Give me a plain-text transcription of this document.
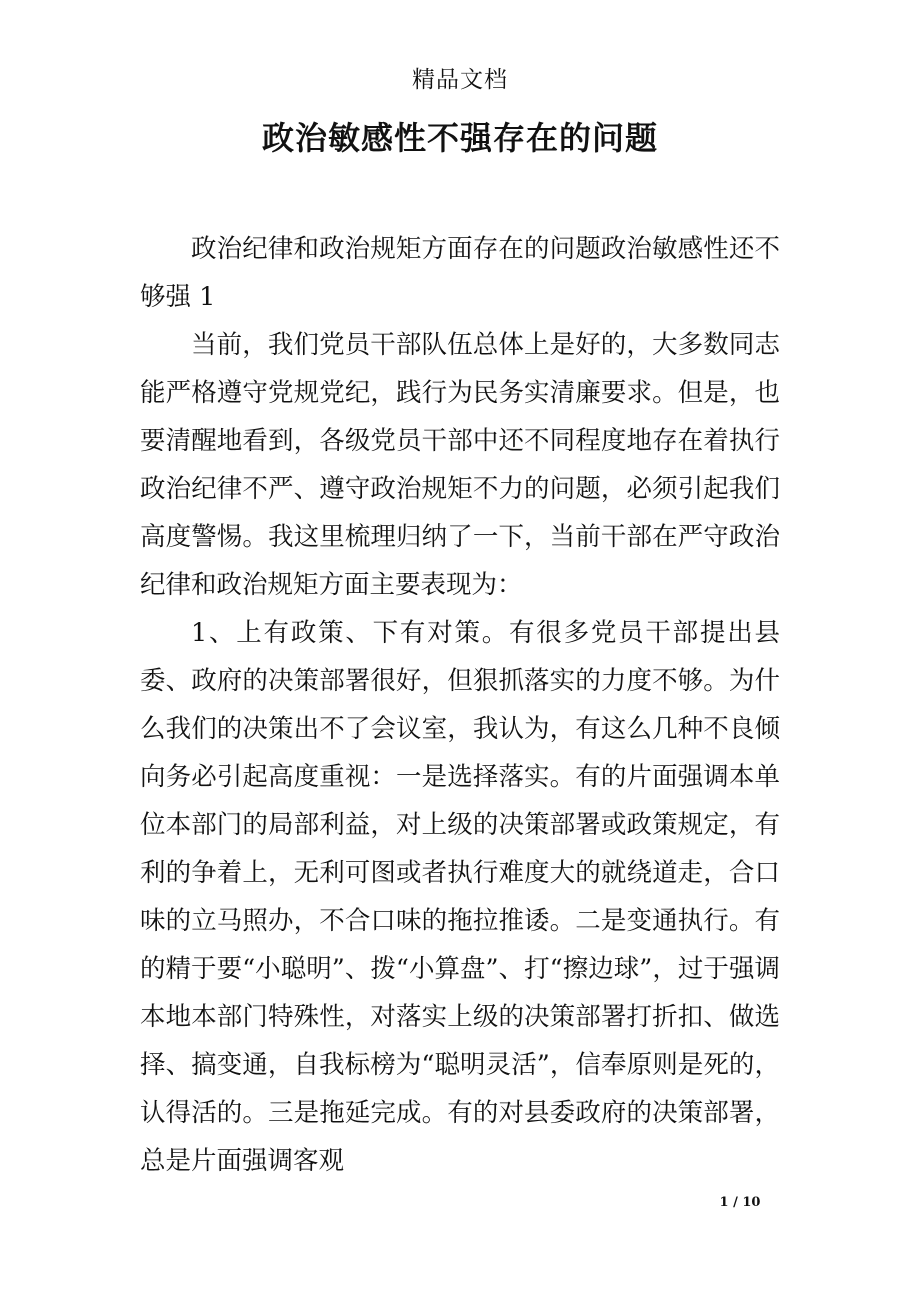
精品文档
政治敏感性不强存在的问题

政治纪律和政治规矩方面存在的问题政治敏感性还不够强 1

当前，我们党员干部队伍总体上是好的，大多数同志能严格遵守党规党纪，践行为民务实清廉要求。但是，也要清醒地看到，各级党员干部中还不同程度地存在着执行政治纪律不严、遵守政治规矩不力的问题，必须引起我们高度警惕。我这里梳理归纳了一下，当前干部在严守政治纪律和政治规矩方面主要表现为：

1、上有政策、下有对策。有很多党员干部提出县委、政府的决策部署很好，但狠抓落实的力度不够。为什么我们的决策出不了会议室，我认为，有这么几种不良倾向务必引起高度重视：一是选择落实。有的片面强调本单位本部门的局部利益，对上级的决策部署或政策规定，有利的争着上，无利可图或者执行难度大的就绕道走，合口味的立马照办，不合口味的拖拉推诿。二是变通执行。有的精于要“小聪明”、拨“小算盘”、打“擦边球”，过于强调本地本部门特殊性，对落实上级的决策部署打折扣、做选择、搞变通，自我标榜为“聪明灵活”，信奉原则是死的，认得活的。三是拖延完成。有的对县委政府的决策部署，总是片面强调客观

1 / 10
